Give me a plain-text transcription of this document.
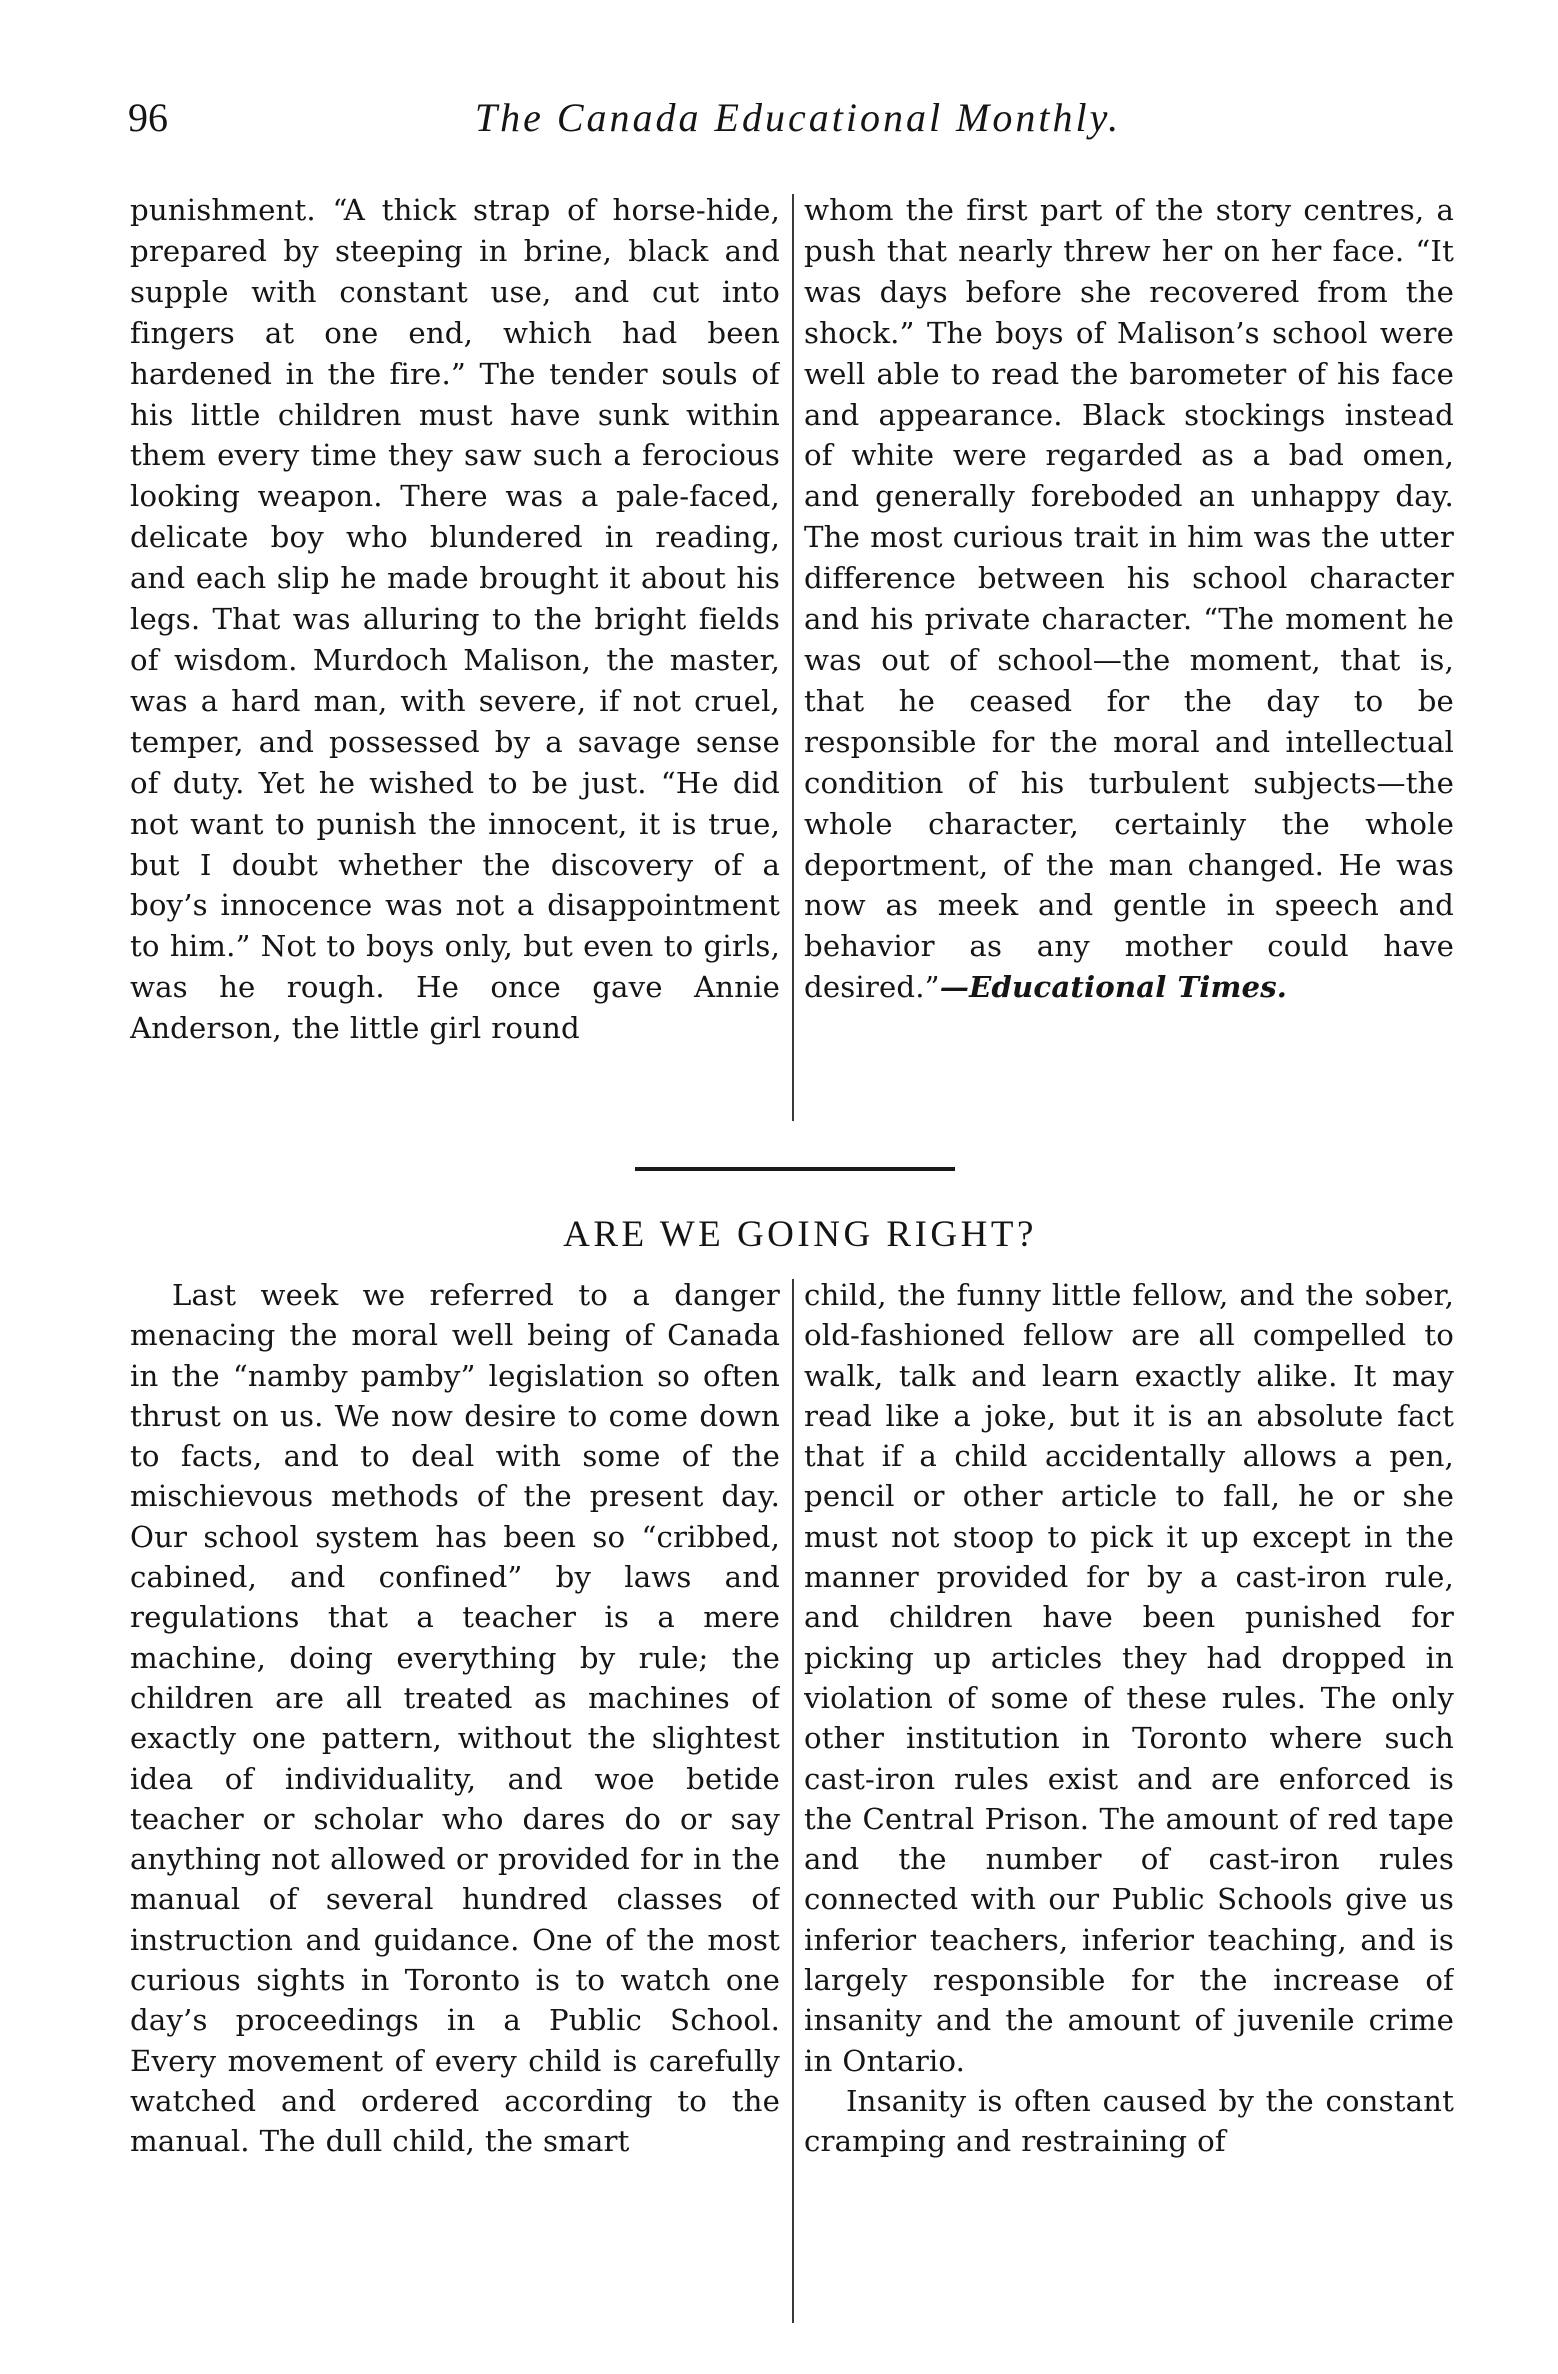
96	The Canada Educational Monthly.

punishment. “A thick strap of horse-hide, prepared by steeping in brine, black and supple with constant use, and cut into fingers at one end, which had been hardened in the fire.” The tender souls of his little children must have sunk within them every time they saw such a ferocious looking weapon. There was a pale-faced, delicate boy who blundered in reading, and each slip he made brought it about his legs. That was alluring to the bright fields of wisdom. Murdoch Malison, the master, was a hard man, with severe, if not cruel, temper, and possessed by a savage sense of duty. Yet he wished to be just. “He did not want to punish the innocent, it is true, but I doubt whether the discovery of a boy’s innocence was not a disappointment to him.” Not to boys only, but even to girls, was he rough. He once gave Annie Anderson, the little girl round

whom the first part of the story centres, a push that nearly threw her on her face. “It was days before she recovered from the shock.” The boys of Malison’s school were well able to read the barometer of his face and appearance. Black stockings instead of white were regarded as a bad omen, and generally foreboded an unhappy day. The most curious trait in him was the utter difference between his school character and his private character. “The moment he was out of school—the moment, that is, that he ceased for the day to be responsible for the moral and intellectual condition of his turbulent subjects—the whole character, certainly the whole deportment, of the man changed. He was now as meek and gentle in speech and behavior as any mother could have desired.”—Educational Times.

ARE WE GOING RIGHT?

Last week we referred to a danger menacing the moral well being of Canada in the “namby pamby” legislation so often thrust on us. We now desire to come down to facts, and to deal with some of the mischievous methods of the present day. Our school system has been so “cribbed, cabined, and confined” by laws and regulations that a teacher is a mere machine, doing everything by rule; the children are all treated as machines of exactly one pattern, without the slightest idea of individuality, and woe betide teacher or scholar who dares do or say anything not allowed or provided for in the manual of several hundred classes of instruction and guidance. One of the most curious sights in Toronto is to watch one day’s proceedings in a Public School. Every movement of every child is carefully watched and ordered according to the manual. The dull child, the smart

child, the funny little fellow, and the sober, old-fashioned fellow are all compelled to walk, talk and learn exactly alike. It may read like a joke, but it is an absolute fact that if a child accidentally allows a pen, pencil or other article to fall, he or she must not stoop to pick it up except in the manner provided for by a cast-iron rule, and children have been punished for picking up articles they had dropped in violation of some of these rules. The only other institution in Toronto where such cast-iron rules exist and are enforced is the Central Prison. The amount of red tape and the number of cast-iron rules connected with our Public Schools give us inferior teachers, inferior teaching, and is largely responsible for the increase of insanity and the amount of juvenile crime in Ontario.

Insanity is often caused by the constant cramping and restraining of
